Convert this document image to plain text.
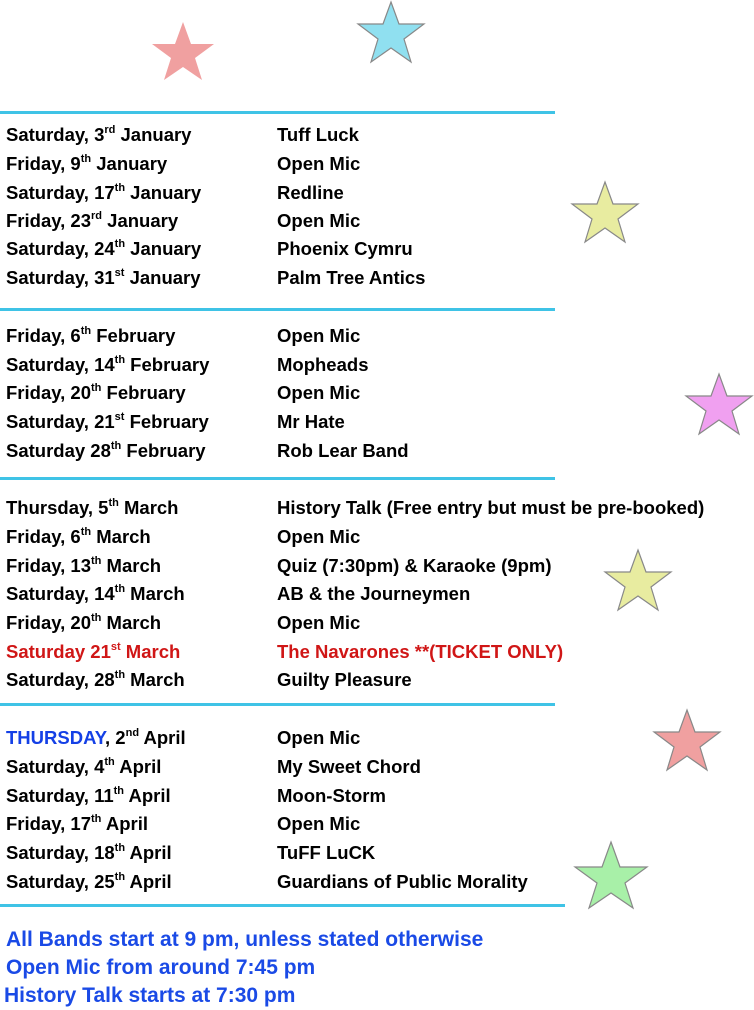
Saturday, 3rd January	Tuff Luck
Friday, 9th January	Open Mic
Saturday, 17th January	Redline
Friday, 23rd January	Open Mic
Saturday, 24th January	Phoenix Cymru
Saturday, 31st January	Palm Tree Antics
Friday, 6th February	Open Mic
Saturday, 14th February	Mopheads
Friday, 20th February	Open Mic
Saturday, 21st February	Mr Hate
Saturday 28th February	Rob Lear Band
Thursday, 5th March	History Talk (Free entry but must be pre-booked)
Friday, 6th March	Open Mic
Friday, 13th March	Quiz (7:30pm) & Karaoke (9pm)
Saturday, 14th March	AB & the Journeymen
Friday, 20th March	Open Mic
Saturday 21st March	The Navarones **(TICKET ONLY)
Saturday, 28th March	Guilty Pleasure
THURSDAY, 2nd April	Open Mic
Saturday, 4th April	My Sweet Chord
Saturday, 11th April	Moon-Storm
Friday, 17th April	Open Mic
Saturday, 18th April	TuFF LuCK
Saturday, 25th April	Guardians of Public Morality
All Bands start at 9 pm, unless stated otherwise
Open Mic from around 7:45 pm
History Talk starts at 7:30 pm
